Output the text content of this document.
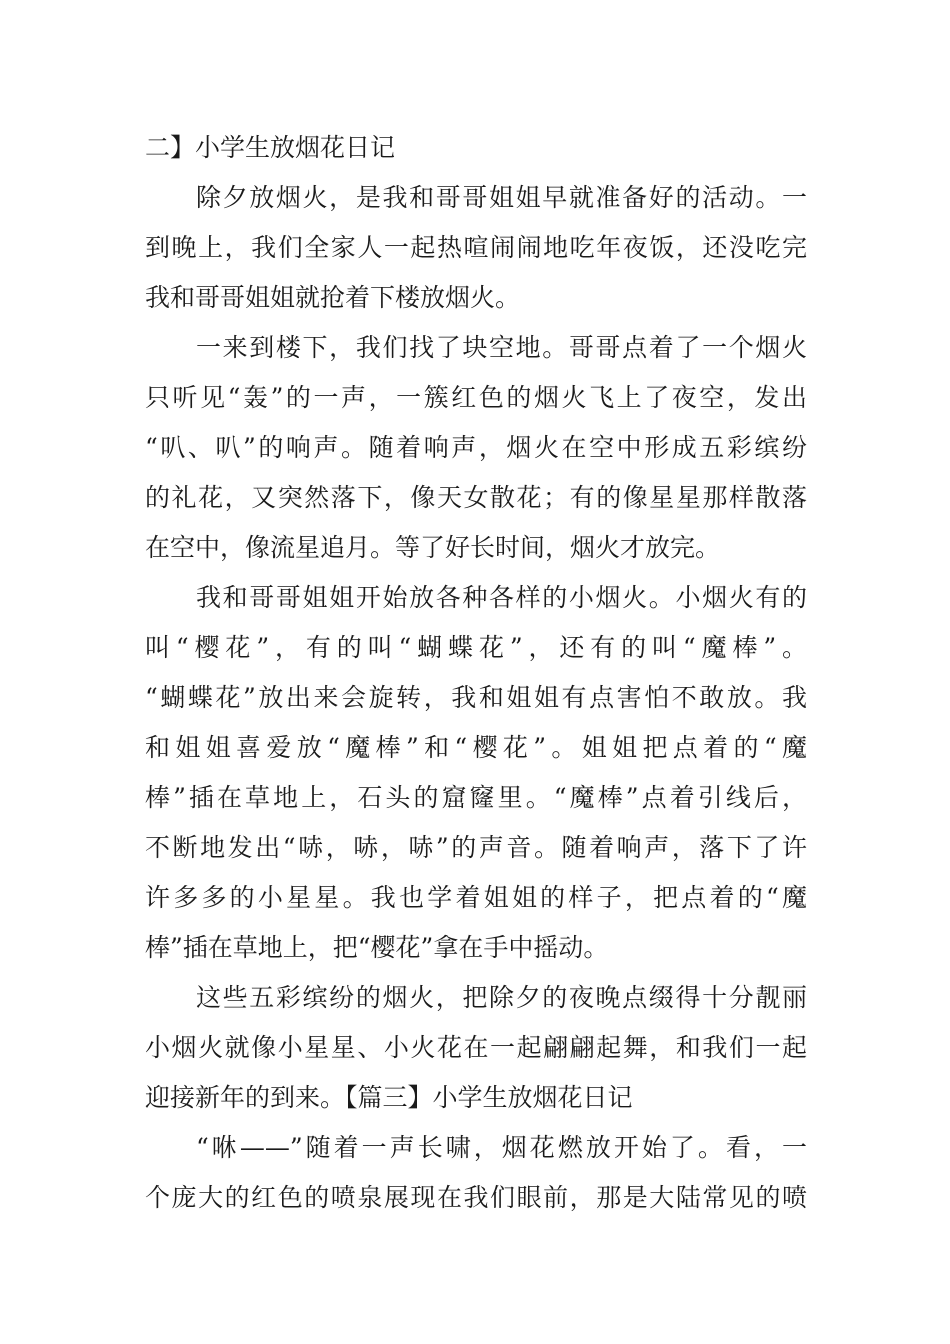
二】小学生放烟花日记
除夕放烟火，是我和哥哥姐姐早就准备好的活动。一
到晚上，我们全家人一起热喧闹闹地吃年夜饭，还没吃完
我和哥哥姐姐就抢着下楼放烟火。
一来到楼下，我们找了块空地。哥哥点着了一个烟火
只听见“轰”的一声，一簇红色的烟火飞上了夜空，发出
“叭、叭”的响声。随着响声，烟火在空中形成五彩缤纷
的礼花，又突然落下，像天女散花；有的像星星那样散落
在空中，像流星追月。等了好长时间，烟火才放完。
我和哥哥姐姐开始放各种各样的小烟火。小烟火有的
叫“樱花”，有的叫“蝴蝶花”，还有的叫“魔棒”。
“蝴蝶花”放出来会旋转，我和姐姐有点害怕不敢放。我
和姐姐喜爱放“魔棒”和“樱花”。姐姐把点着的“魔
棒”插在草地上，石头的窟窿里。“魔棒”点着引线后，
不断地发出“哧，哧，哧”的声音。随着响声，落下了许
许多多的小星星。我也学着姐姐的样子，把点着的“魔
棒”插在草地上，把“樱花”拿在手中摇动。
这些五彩缤纷的烟火，把除夕的夜晚点缀得十分靓丽
小烟火就像小星星、小火花在一起翩翩起舞，和我们一起
迎接新年的到来。【篇三】小学生放烟花日记
“咻——”随着一声长啸，烟花燃放开始了。看，一
个庞大的红色的喷泉展现在我们眼前，那是大陆常见的喷
